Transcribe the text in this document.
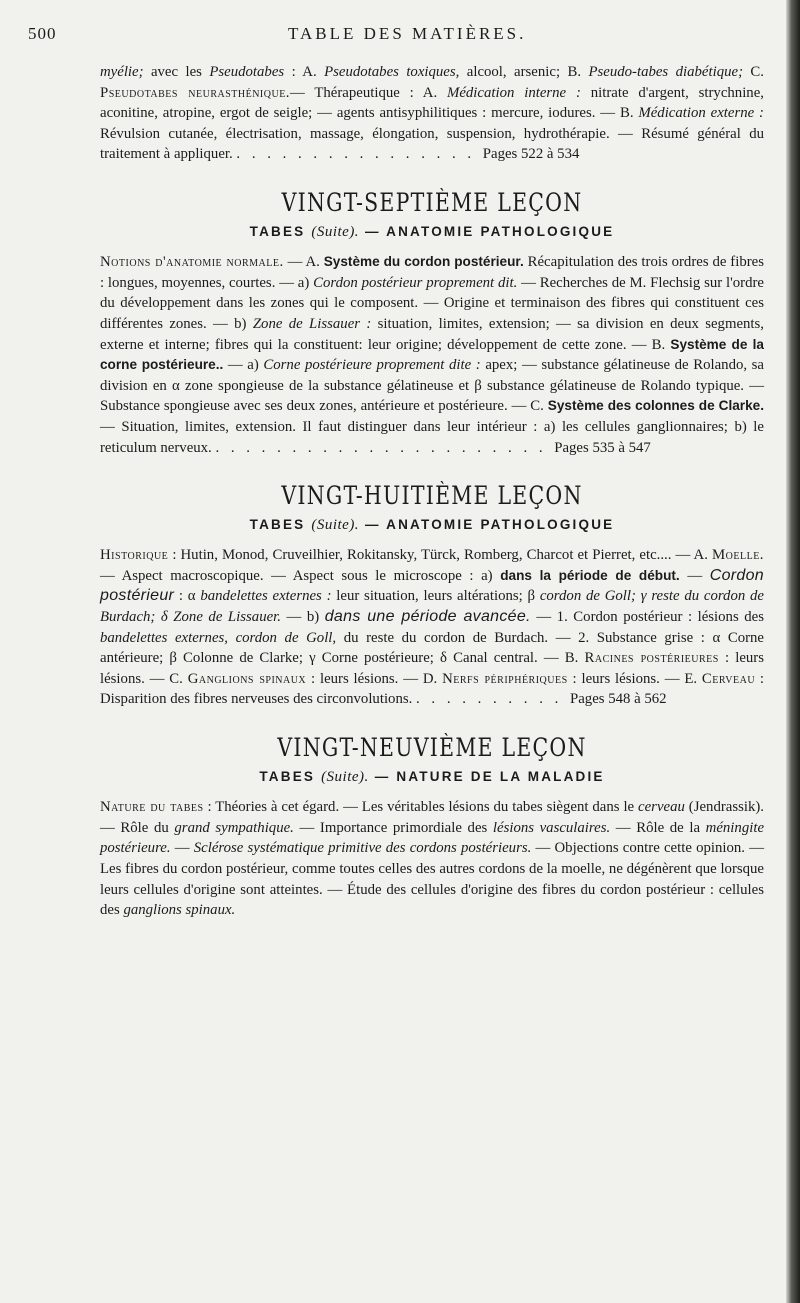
500	TABLE DES MATIÈRES.

myélie; avec les Pseudotabes : A. Pseudotabes toxiques, alcool, arsenic; B. Pseudo-tabes diabétique; C. Pseudotabes neurasthénique.— Thérapeutique : A. Médication interne : nitrate d'argent, strychnine, aconitine, atropine, ergot de seigle; — agents antisyphilitiques : mercure, iodures. — B. Médication externe : Révulsion cutanée, électrisation, massage, élongation, suspension, hydrothérapie. — Résumé général du traitement à appliquer. . . . . . . . . . . . . . . . . Pages 522 à 534

VINGT-SEPTIÈME LEÇON
TABES (Suite). — ANATOMIE PATHOLOGIQUE

Notions d'anatomie normale. — A. Système du cordon postérieur. Récapitulation des trois ordres de fibres : longues, moyennes, courtes. — a) Cordon postérieur proprement dit. — Recherches de M. Flechsig sur l'ordre du développement dans les zones qui le composent. — Origine et terminaison des fibres qui constituent ces différentes zones. — b) Zone de Lissauer : situation, limites, extension; — sa division en deux segments, externe et interne; fibres qui la constituent: leur origine; développement de cette zone. — B. Système de la corne postérieure.. — a) Corne postérieure proprement dite : apex; — substance gélatineuse de Rolando, sa division en α zone spongieuse de la substance gélatineuse et β substance gélatineuse de Rolando typique. — Substance spongieuse avec ses deux zones, antérieure et postérieure. — C. Système des colonnes de Clarke. — Situation, limites, extension. Il faut distinguer dans leur intérieur : a) les cellules ganglionnaires; b) le reticulum nerveux. . . . . . . . . . . . . . . . . . . . . . . Pages 535 à 547

VINGT-HUITIÈME LEÇON
TABES (Suite). — ANATOMIE PATHOLOGIQUE

Historique : Hutin, Monod, Cruveilhier, Rokitansky, Türck, Romberg, Charcot et Pierret, etc.... — A. Moelle. — Aspect macroscopique. — Aspect sous le microscope : a) dans la période de début. — Cordon postérieur : α bandelettes externes : leur situation, leurs altérations; β cordon de Goll; γ reste du cordon de Burdach; δ Zone de Lissauer. — b) dans une période avancée. — 1. Cordon postérieur : lésions des bandelettes externes, cordon de Goll, du reste du cordon de Burdach. — 2. Substance grise : α Corne antérieure; β Colonne de Clarke; γ Corne postérieure; δ Canal central. — B. Racines postérieures : leurs lésions. — C. Ganglions spinaux : leurs lésions. — D. Nerfs périphériques : leurs lésions. — E. Cerveau : Disparition des fibres nerveuses des circonvolutions. . . . . . . . . . . Pages 548 à 562

VINGT-NEUVIÈME LEÇON
TABES (Suite). — NATURE DE LA MALADIE

Nature du tabes : Théories à cet égard. — Les véritables lésions du tabes siègent dans le cerveau (Jendrassik). — Rôle du grand sympathique. — Importance primordiale des lésions vasculaires. — Rôle de la méningite postérieure. — Sclérose systématique primitive des cordons postérieurs. — Objections contre cette opinion. — Les fibres du cordon postérieur, comme toutes celles des autres cordons de la moelle, ne dégénèrent que lorsque leurs cellules d'origine sont atteintes. — Étude des cellules d'origine des fibres du cordon postérieur : cellules des ganglions spinaux.
